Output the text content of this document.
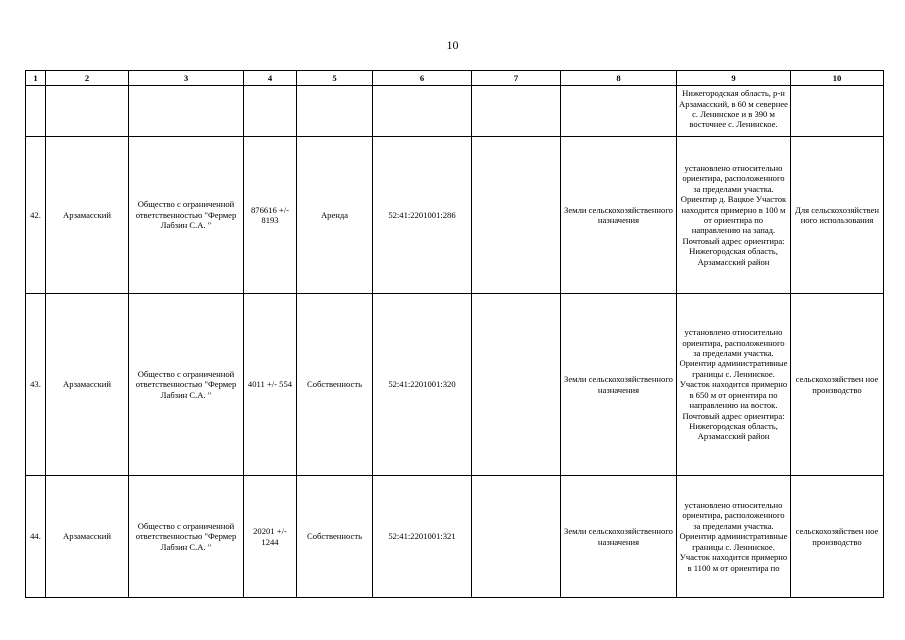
10
1	2	3	4	5	6	7	8	9	10

								Нижегородская область, р-н Арзамасский, в 60 м севернее с. Ленинское и в 390 м восточнее с. Ленинское.	

42.	Арзамасский	Общество с ограниченной ответственностью "Фермер Лабзин С.А. "	876616 +/- 8193	Аренда	52:41:2201001:286		Земли сельскохозяйственного назначения	установлено относительно ориентира, расположенного за пределами участка. Ориентир д. Вацкое Участок находится примерно в 100 м от ориентира по направлению на запад. Почтовый адрес ориентира: Нижегородская область, Арзамасский район	Для сельскохозяйствен ного использования
43.	Арзамасский	Общество с ограниченной ответственностью "Фермер Лабзин С.А. "	4011 +/- 554	Собственность	52:41:2201001:320		Земли сельскохозяйственного назначения	установлено относительно ориентира, расположенного за пределами участка. Ориентир административные границы с. Ленинское. Участок находится примерно в 650 м от ориентира по направлению на восток. Почтовый адрес ориентира: Нижегородская область, Арзамасский район	сельскохозяйствен ное производство
44.	Арзамасский	Общество с ограниченной ответственностью "Фермер Лабзин С.А. "	20201 +/- 1244	Собственность	52:41:2201001:321		Земли сельскохозяйственного назначения	установлено относительно ориентира, расположенного за пределами участка. Ориентир административные границы с. Ленинское. Участок находится примерно в 1100 м от ориентира по	сельскохозяйствен ное производство
